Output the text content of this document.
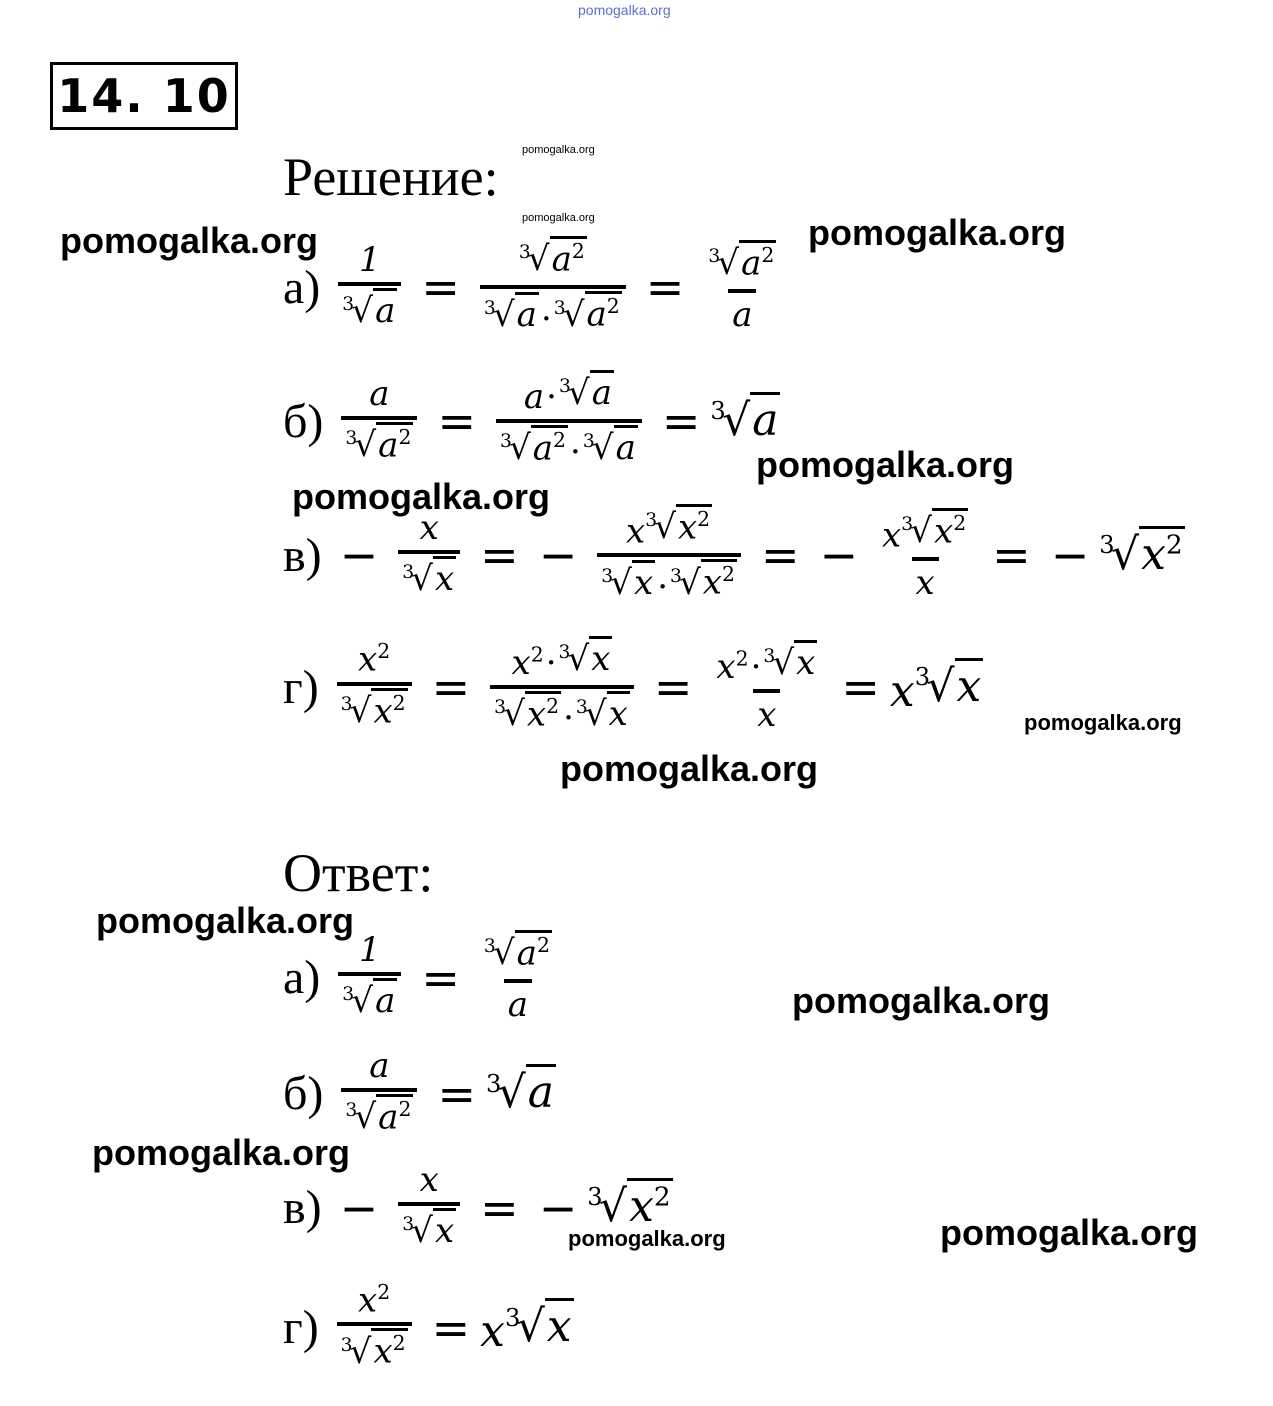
pomogalka.org
pomogalka.org
pomogalka.org
pomogalka.org	pomogalka.org
pomogalka.org
pomogalka.org
pomogalka.org
pomogalka.org
pomogalka.org
pomogalka.org
pomogalka.org
pomogalka.org	pomogalka.org
14. 10
Решение:
а) 1
3
√ a = 3
√ $a^2$
3
√ a · 3
√ $a^2 = 3$
√ $a^2$
a
б) a
3
√ $a^2 = a\cdot 3$
√ a
3
√ $a^2 \cdot 3$
√ a = 3
√ a
в) − x
3
√ x = − x 3
√ $x^2$
3
√ x · 3
√ $x^2$ = − x 3
√ $x^2$
x = − 3
√ $x^2$
г) $x^2$
3
√ $x^2 = x^2\cdot 3$
√ x
3
√ $x^2 \cdot 3$
√ $x = x^2\cdot 3$
√ x
x = x 3
√ x
Ответ:
а) 1
3
√ a = 3
√ $a^2$
a
б) a
3
√ $a^2 = 3$
√ a
в) − x
3
√ x = − 3
√ $x^2$
г) $x^2$
3
√ $x^2 = x$ 3
√ x
